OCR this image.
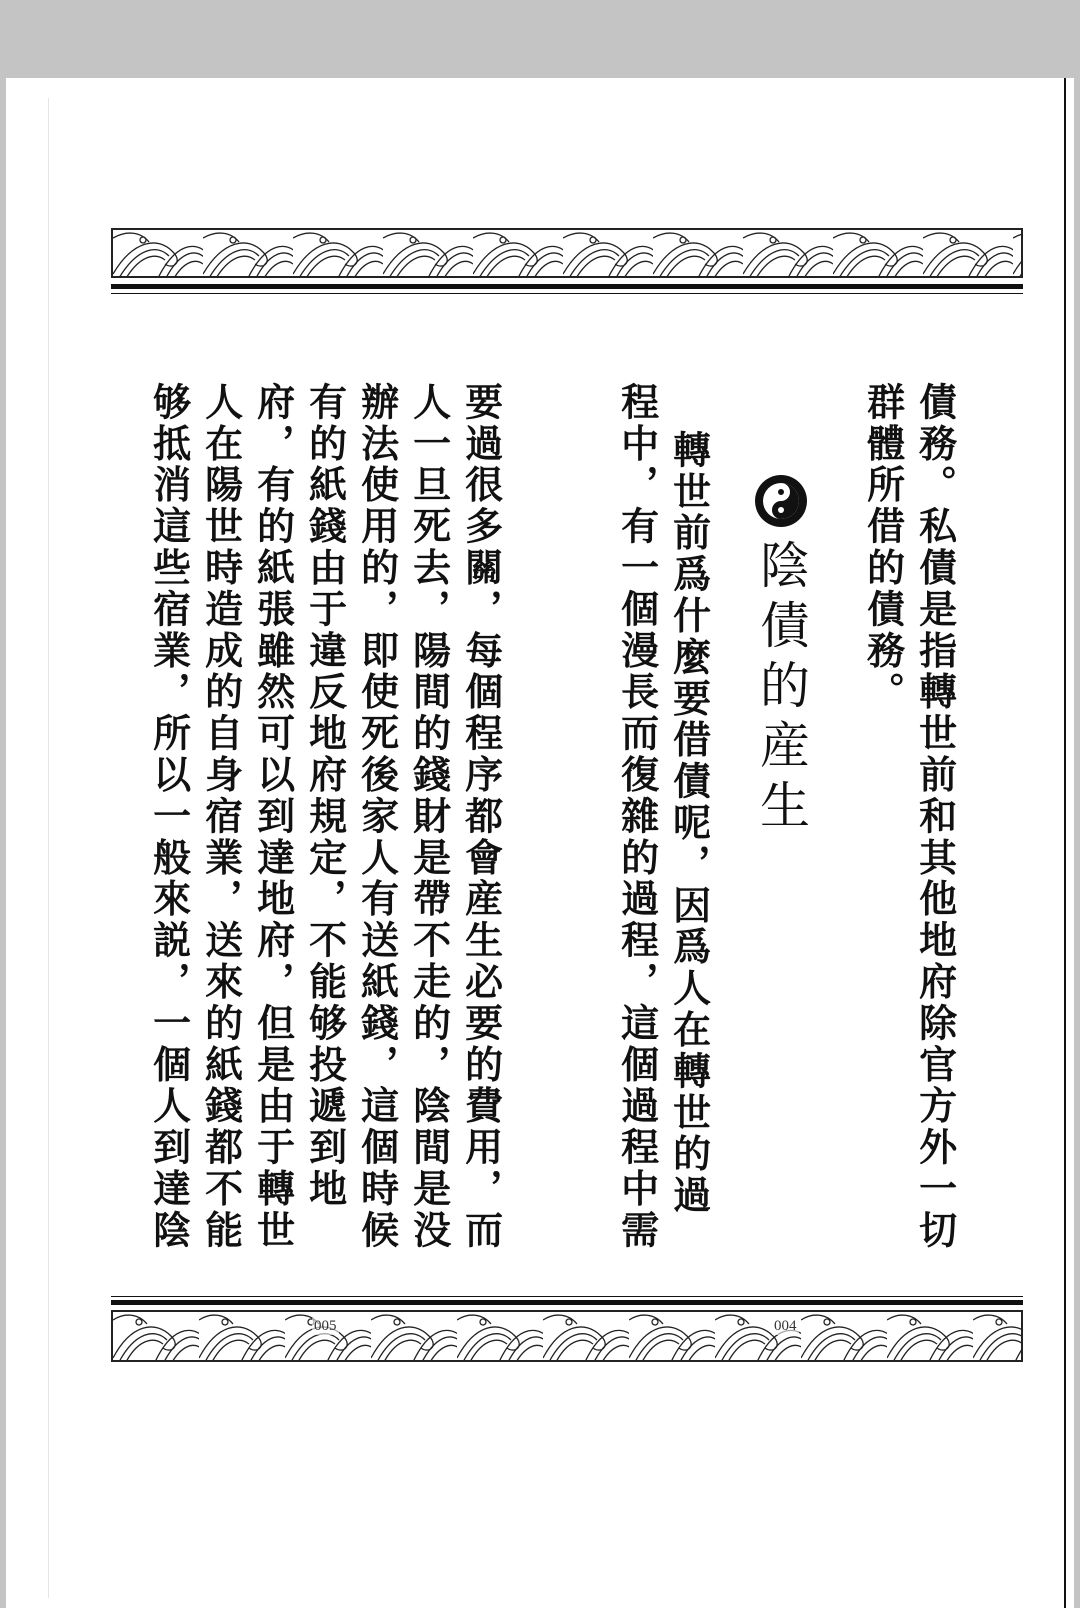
債務。私債是指轉世前和其他地府除官方外一切
群體所借的債務。
陰債的産生
轉世前爲什麼要借債呢，因爲人在轉世的過
程中，有一個漫長而復雜的過程，這個過程中需
要過很多關，每個程序都會産生必要的費用，而
人一旦死去，陽間的錢財是帶不走的，陰間是没
辦法使用的，即使死後家人有送紙錢，這個時候
有的紙錢由于違反地府規定，不能够投遞到地
府，有的紙張雖然可以到達地府，但是由于轉世
人在陽世時造成的自身宿業，送來的紙錢都不能
够抵消這些宿業，所以一般來説，一個人到達陰
005	004
